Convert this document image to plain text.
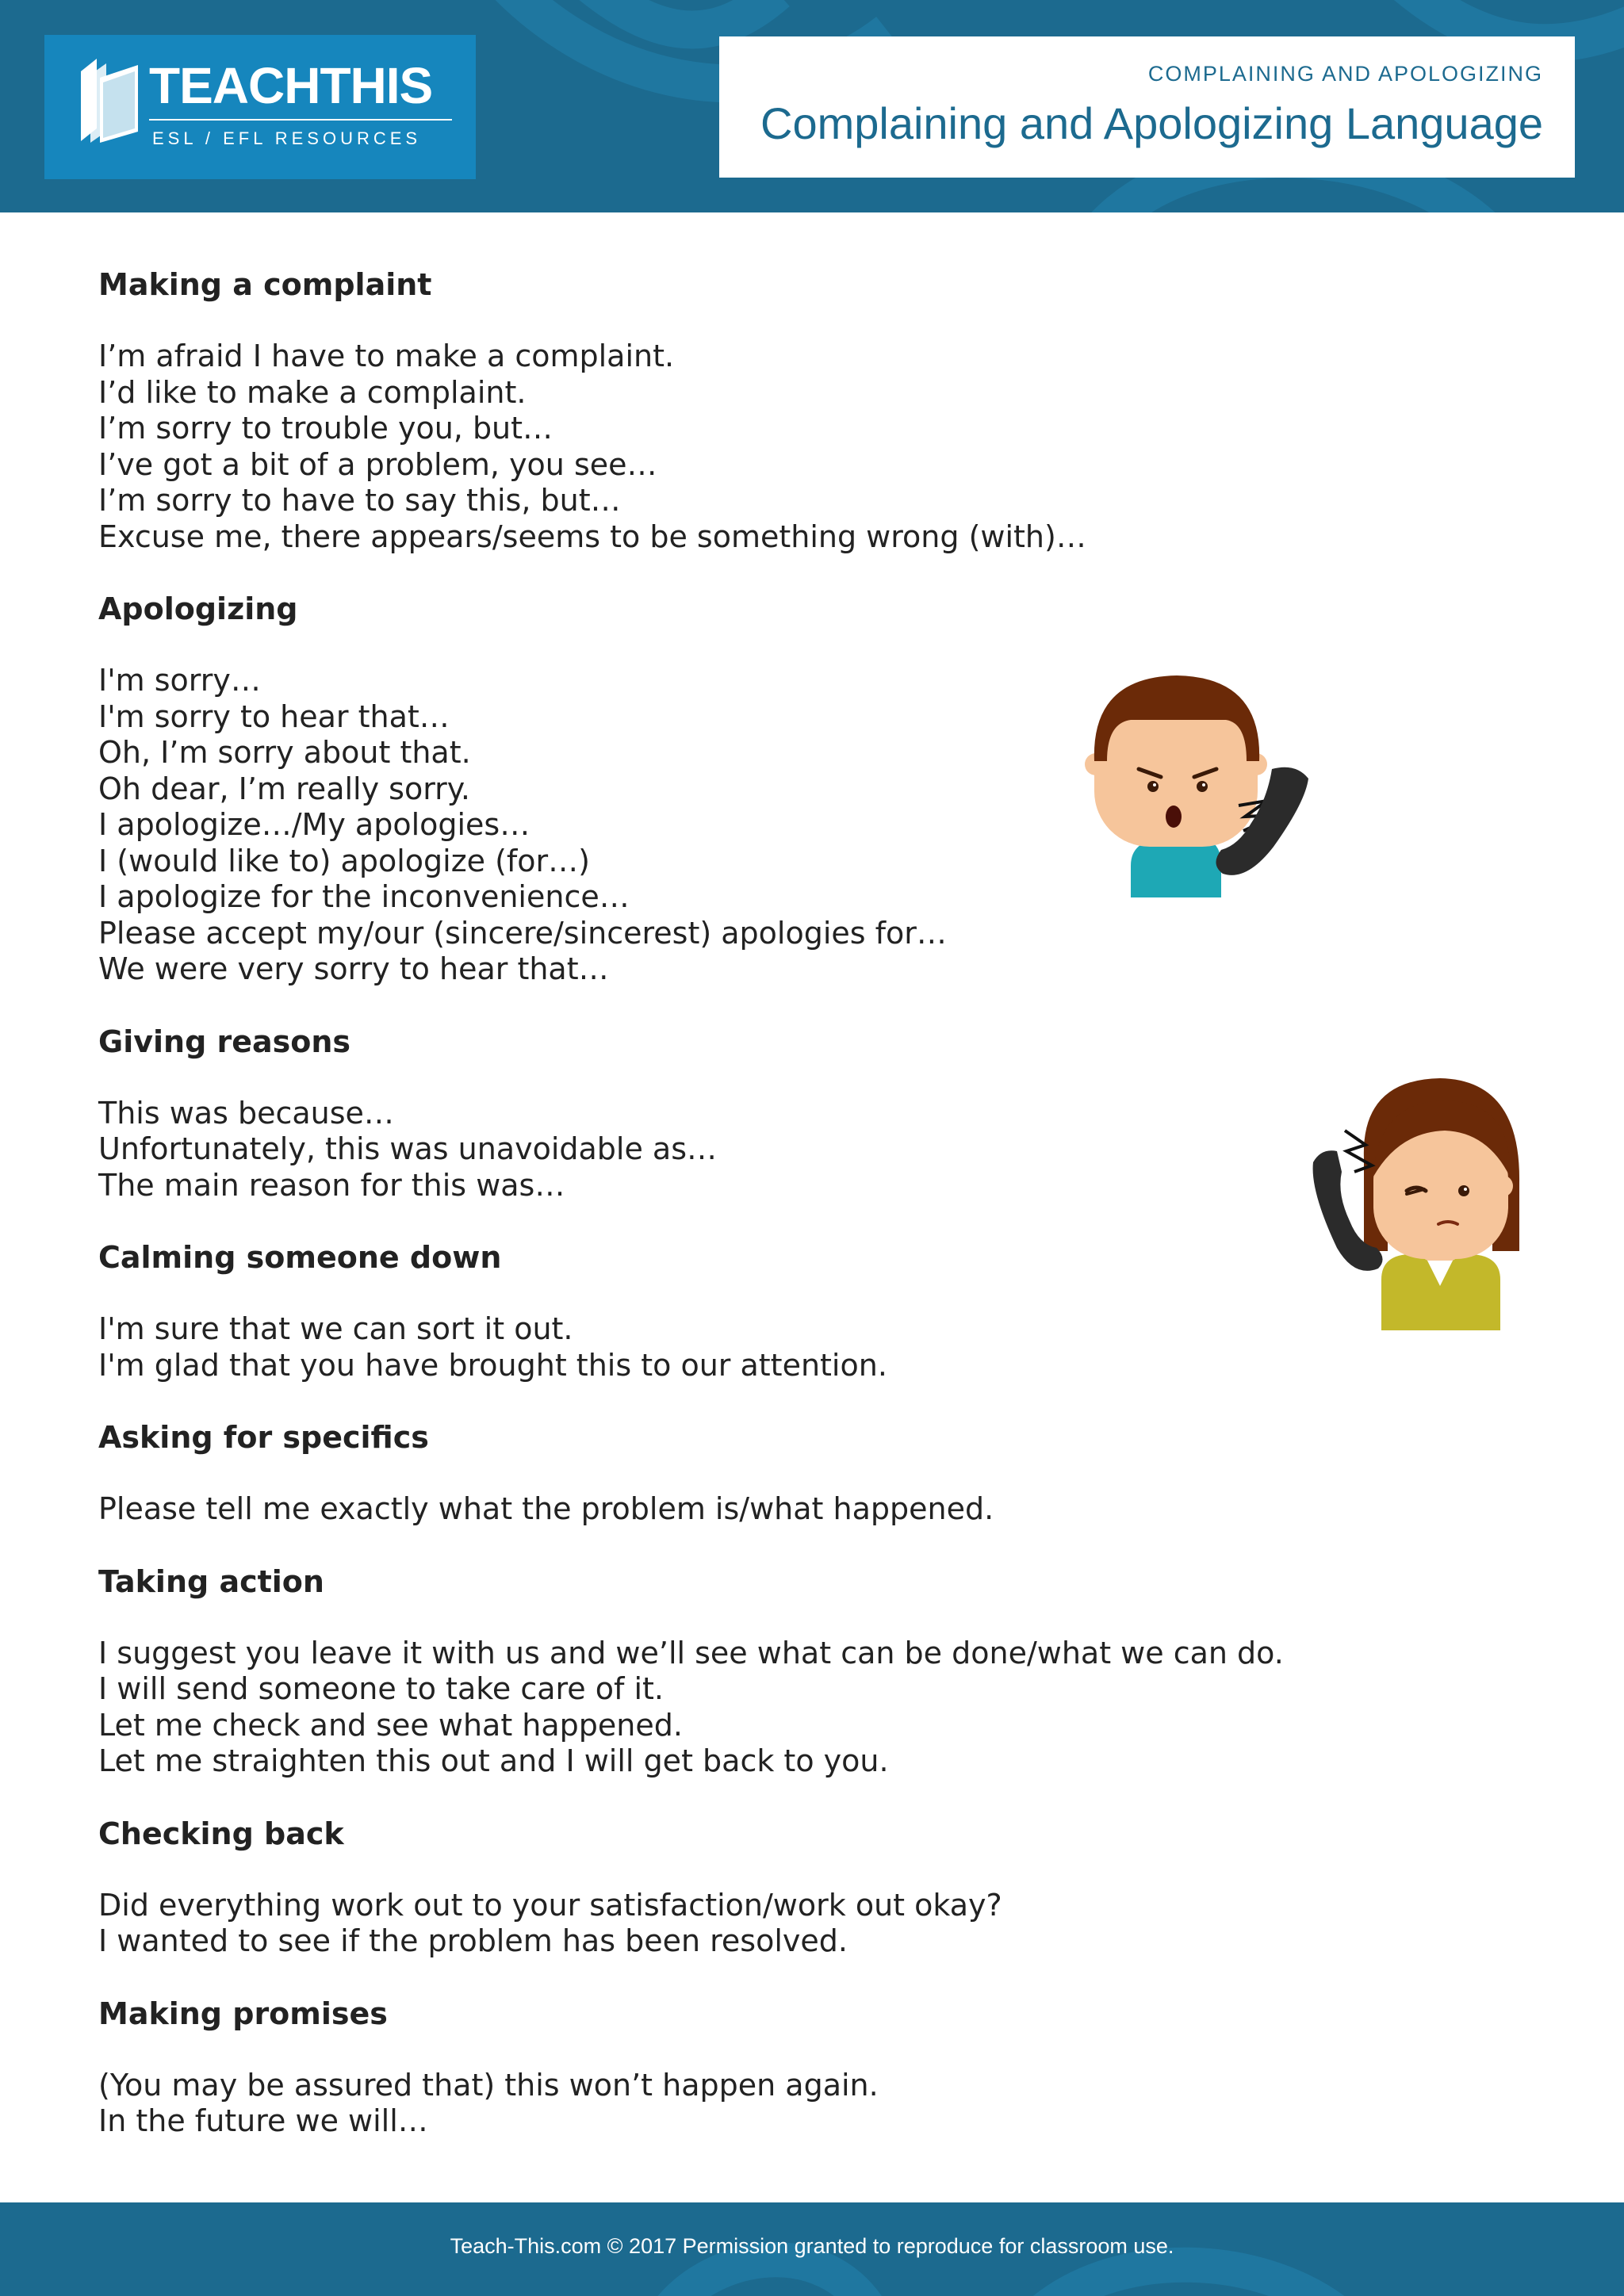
TEACHTHIS
ESL / EFL RESOURCES
COMPLAINING AND APOLOGIZING
Complaining and Apologizing Language
Making a complaint
I’m afraid I have to make a complaint.
I’d like to make a complaint.
I’m sorry to trouble you, but…
I’ve got a bit of a problem, you see…
I’m sorry to have to say this, but…
Excuse me, there appears/seems to be something wrong (with)…
Apologizing
I'm sorry…
I'm sorry to hear that…
Oh, I’m sorry about that.
Oh dear, I’m really sorry.
I apologize…/My apologies…
I (would like to) apologize (for…)
I apologize for the inconvenience…
Please accept my/our (sincere/sincerest) apologies for…
We were very sorry to hear that…
Giving reasons
This was because…
Unfortunately, this was unavoidable as…
The main reason for this was…
Calming someone down
I'm sure that we can sort it out.
I'm glad that you have brought this to our attention.
Asking for specifics
Please tell me exactly what the problem is/what happened.
Taking action
I suggest you leave it with us and we’ll see what can be done/what we can do.
I will send someone to take care of it.
Let me check and see what happened.
Let me straighten this out and I will get back to you.
Checking back
Did everything work out to your satisfaction/work out okay?
I wanted to see if the problem has been resolved.
Making promises
(You may be assured that) this won’t happen again.
In the future we will…
Teach-This.com © 2017 Permission granted to reproduce for classroom use.
